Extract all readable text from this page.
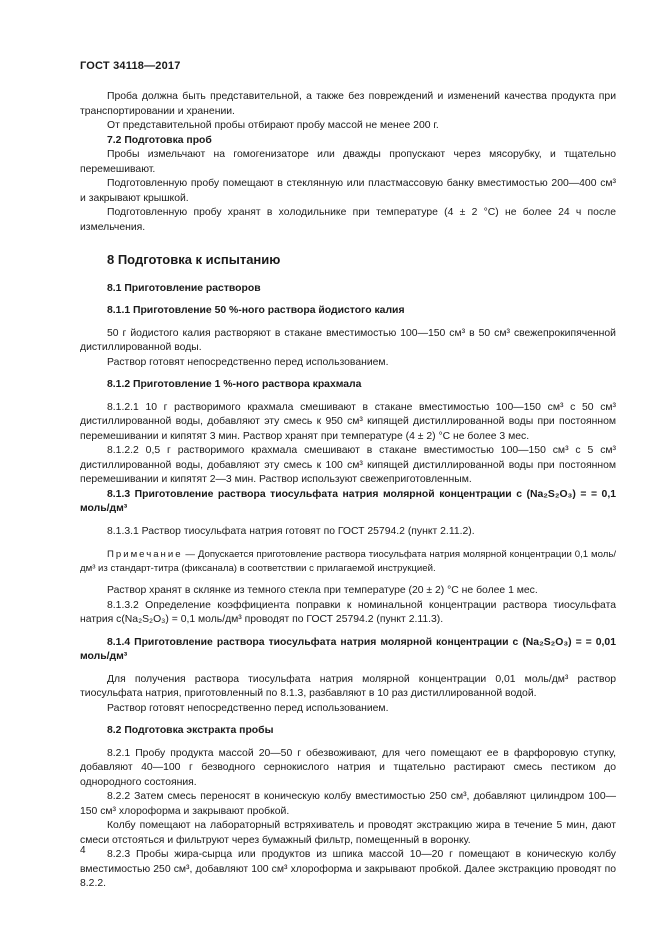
ГОСТ 34118—2017

Проба должна быть представительной, а также без повреждений и изменений качества продукта при транспортировании и хранении.

От представительной пробы отбирают пробу массой не менее 200 г.

7.2 Подготовка проб

Пробы измельчают на гомогенизаторе или дважды пропускают через мясорубку, и тщательно перемешивают.

Подготовленную пробу помещают в стеклянную или пластмассовую банку вместимостью 200—400 см³ и закрывают крышкой.

Подготовленную пробу хранят в холодильнике при температуре (4 ± 2 °С) не более 24 ч после измельчения.

8 Подготовка к испытанию

8.1 Приготовление растворов

8.1.1 Приготовление 50 %-ного раствора йодистого калия

50 г йодистого калия растворяют в стакане вместимостью 100—150 см³ в 50 см³ свежепрокипяченной дистиллированной воды.

Раствор готовят непосредственно перед использованием.

8.1.2 Приготовление 1 %-ного раствора крахмала

8.1.2.1 10 г растворимого крахмала смешивают в стакане вместимостью 100—150 см³ с 50 см³ дистиллированной воды, добавляют эту смесь к 950 см³ кипящей дистиллированной воды при постоянном перемешивании и кипятят 3 мин. Раствор хранят при температуре (4 ± 2) °С не более 3 мес.

8.1.2.2 0,5 г растворимого крахмала смешивают в стакане вместимостью 100—150 см³ с 5 см³ дистиллированной воды, добавляют эту смесь к 100 см³ кипящей дистиллированной воды при постоянном перемешивании и кипятят 2—3 мин. Раствор используют свежеприготовленным.

8.1.3 Приготовление раствора тиосульфата натрия молярной концентрации c (Na₂S₂O₃) = = 0,1 моль/дм³

8.1.3.1 Раствор тиосульфата натрия готовят по ГОСТ 25794.2 (пункт 2.11.2).

Примечание — Допускается приготовление раствора тиосульфата натрия молярной концентрации 0,1 моль/дм³ из стандарт-титра (фиксанала) в соответствии с прилагаемой инструкцией.

Раствор хранят в склянке из темного стекла при температуре (20 ± 2) °С не более 1 мес.

8.1.3.2 Определение коэффициента поправки к номинальной концентрации раствора тиосульфата натрия c(Na₂S₂O₃) = 0,1 моль/дм³ проводят по ГОСТ 25794.2 (пункт 2.11.3).

8.1.4 Приготовление раствора тиосульфата натрия молярной концентрации c (Na₂S₂O₃) = = 0,01 моль/дм³

Для получения раствора тиосульфата натрия молярной концентрации 0,01 моль/дм³ раствор тиосульфата натрия, приготовленный по 8.1.3, разбавляют в 10 раз дистиллированной водой.

Раствор готовят непосредственно перед использованием.

8.2 Подготовка экстракта пробы

8.2.1 Пробу продукта массой 20—50 г обезвоживают, для чего помещают ее в фарфоровую ступку, добавляют 40—100 г безводного сернокислого натрия и тщательно растирают смесь пестиком до однородного состояния.

8.2.2 Затем смесь переносят в коническую колбу вместимостью 250 см³, добавляют цилиндром 100—150 см³ хлороформа и закрывают пробкой.

Колбу помещают на лабораторный встряхиватель и проводят экстракцию жира в течение 5 мин, дают смеси отстояться и фильтруют через бумажный фильтр, помещенный в воронку.

8.2.3 Пробы жира-сырца или продуктов из шпика массой 10—20 г помещают в коническую колбу вместимостью 250 см³, добавляют 100 см³ хлороформа и закрывают пробкой. Далее экстракцию проводят по 8.2.2.

4
